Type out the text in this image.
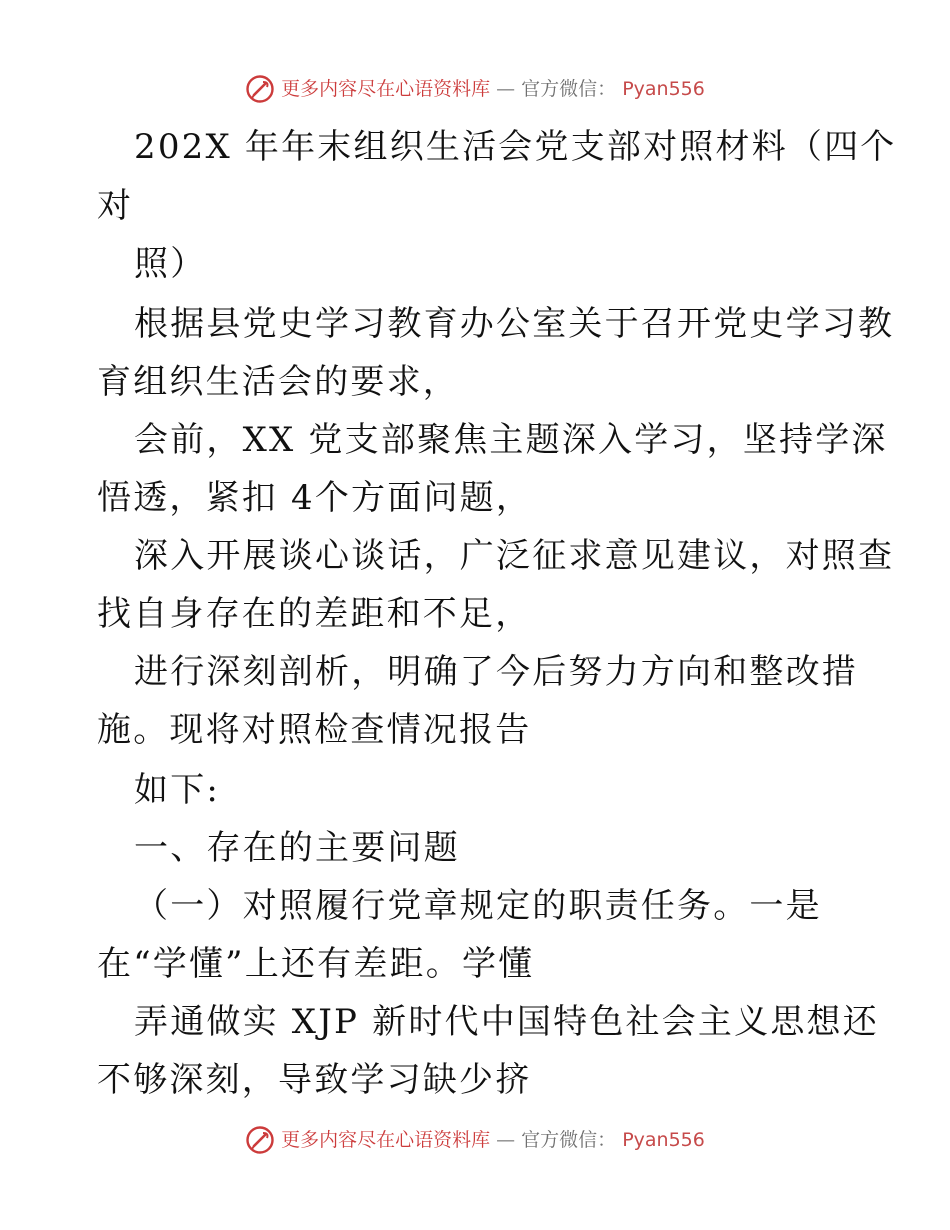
更多内容尽在心语资料库 — 官方微信： Pyan556
202X 年年末组织生活会党支部对照材料（四个
对
照）
根据县党史学习教育办公室关于召开党史学习教
育组织生活会的要求，
会前，XX 党支部聚焦主题深入学习，坚持学深
悟透，紧扣 4个方面问题，
深入开展谈心谈话，广泛征求意见建议，对照查
找自身存在的差距和不足，
进行深刻剖析，明确了今后努力方向和整改措
施。现将对照检查情况报告
如下:
一、存在的主要问题
（一）对照履行党章规定的职责任务。一是
在“学懂”上还有差距。学懂
弄通做实 XJP 新时代中国特色社会主义思想还
不够深刻，导致学习缺少挤
更多内容尽在心语资料库 — 官方微信： Pyan556
